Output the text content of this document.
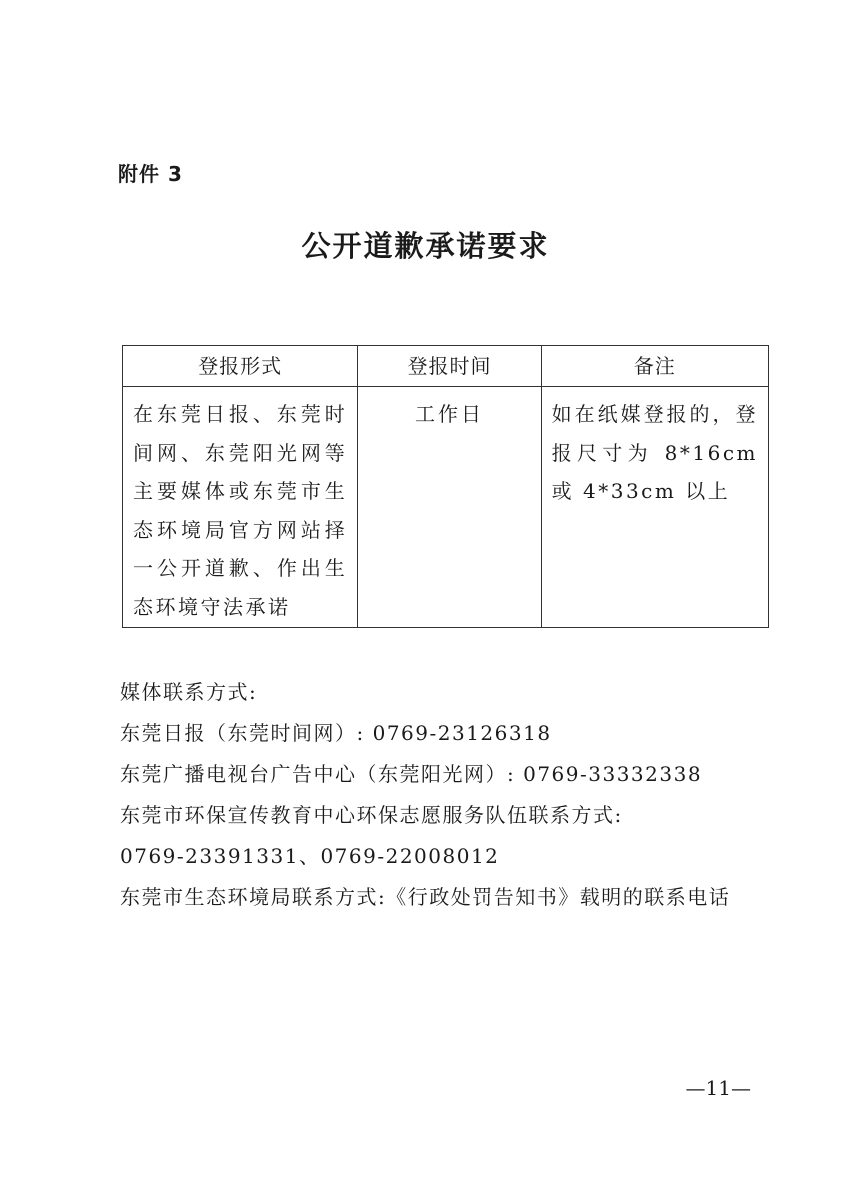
附件 3
公开道歉承诺要求
登报形式	登报时间	备注

在东莞日报、东莞时间网、东莞阳光网等主要媒体或东莞市生态环境局官方网站择一公开道歉、作出生态环境守法承诺	工作日	如在纸媒登报的，登报尺寸为 8*16cm 或 4*33cm 以上

媒体联系方式:

东莞日报（东莞时间网）: 0769-23126318

东莞广播电视台广告中心（东莞阳光网）: 0769-33332338

东莞市环保宣传教育中心环保志愿服务队伍联系方式:

0769-23391331、0769-22008012

东莞市生态环境局联系方式:《行政处罚告知书》载明的联系电话

—11—
